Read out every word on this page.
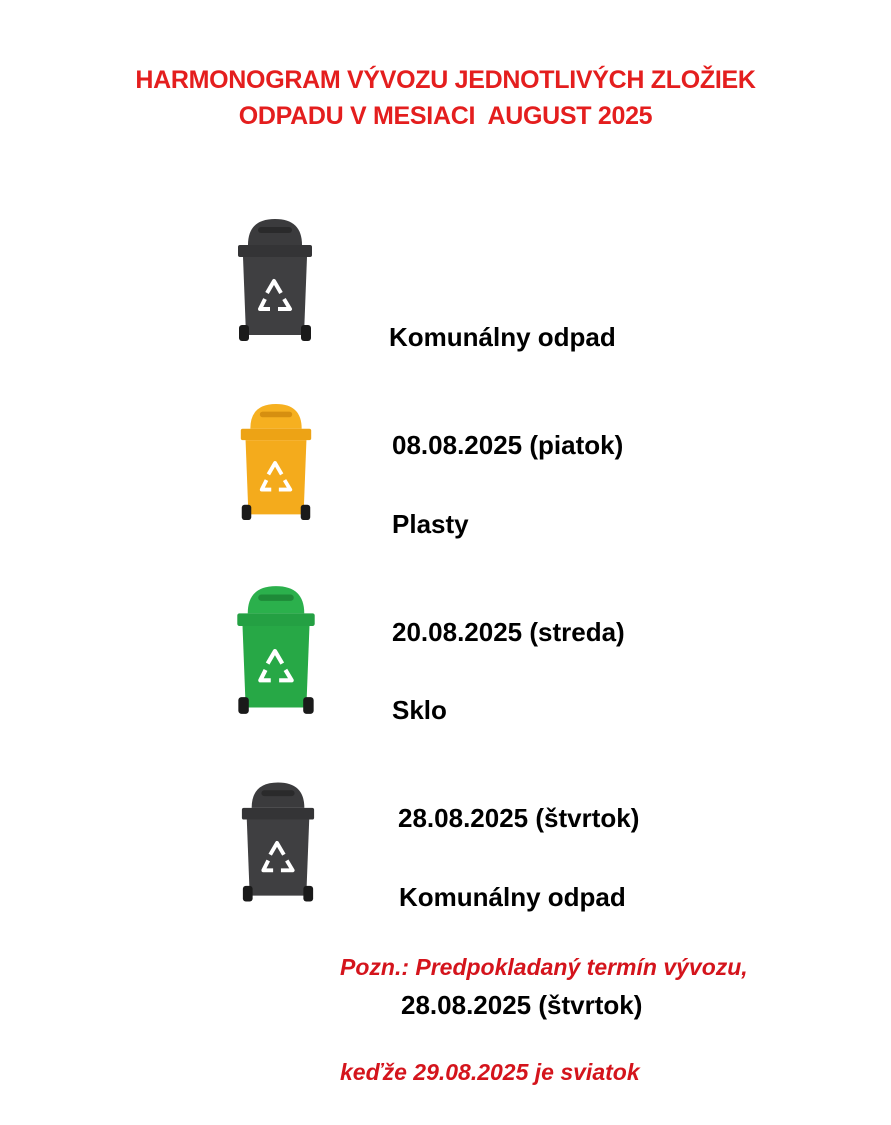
HARMONOGRAM VÝVOZU JEDNOTLIVÝCH ZLOŽIEK
ODPADU V MESIACI  AUGUST 2025

Komunálny odpad

08.08.2025 (piatok)

Plasty

20.08.2025 (streda)

Sklo

28.08.2025 (štvrtok)

Komunálny odpad

28.08.2025 (štvrtok)

Pozn.: Predpokladaný termín vývozu,

keďže 29.08.2025 je sviatok
